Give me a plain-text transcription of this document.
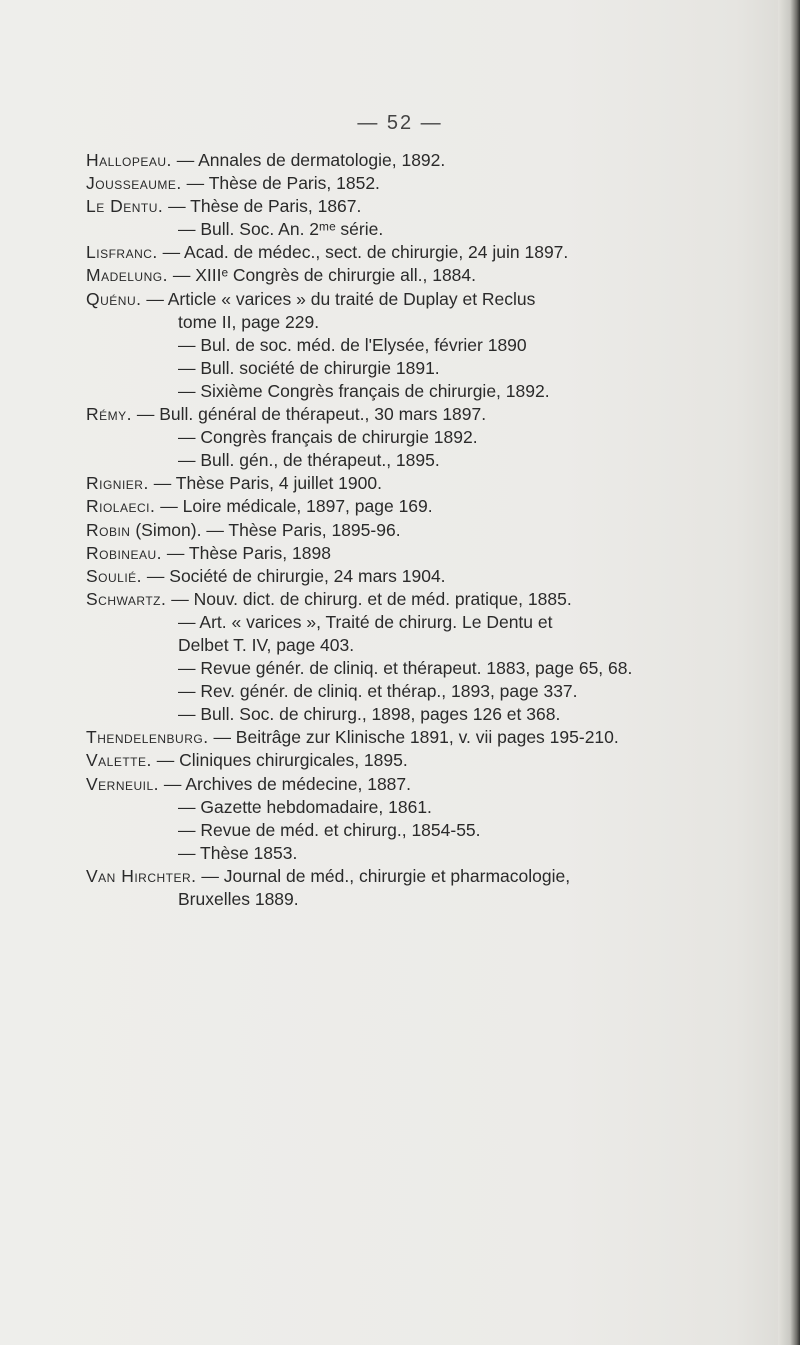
— 52 —
Hallopeau. — Annales de dermatologie, 1892.
Jousseaume. — Thèse de Paris, 1852.
Le Dentu. — Thèse de Paris, 1867.
— Bull. Soc. An. 2ᵐᵉ série.
Lisfranc. — Acad. de médec., sect. de chirurgie, 24 juin 1897.
Madelung. — XIIIᵉ Congrès de chirurgie all., 1884.
Quénu. — Article « varices » du traité de Duplay et Reclus
tome II, page 229.
— Bul. de soc. méd. de l'Elysée, février 1890
— Bull. société de chirurgie 1891.
— Sixième Congrès français de chirurgie, 1892.
Rémy. — Bull. général de thérapeut., 30 mars 1897.
— Congrès français de chirurgie 1892.
— Bull. gén., de thérapeut., 1895.
Rignier. — Thèse Paris, 4 juillet 1900.
Riolaeci. — Loire médicale, 1897, page 169.
Robin (Simon). — Thèse Paris, 1895-96.
Robineau. — Thèse Paris, 1898
Soulié. — Société de chirurgie, 24 mars 1904.
Schwartz. — Nouv. dict. de chirurg. et de méd. pratique, 1885.
— Art. « varices », Traité de chirurg. Le Dentu et
Delbet T. IV, page 403.
— Revue génér. de cliniq. et thérapeut. 1883, page 65, 68.
— Rev. génér. de cliniq. et thérap., 1893, page 337.
— Bull. Soc. de chirurg., 1898, pages 126 et 368.
Thendelenburg. — Beitrâge zur Klinische 1891, v. vii pages 195-210.
Valette. — Cliniques chirurgicales, 1895.
Verneuil. — Archives de médecine, 1887.
— Gazette hebdomadaire, 1861.
— Revue de méd. et chirurg., 1854-55.
— Thèse 1853.
Van Hirchter. — Journal de méd., chirurgie et pharmacologie,
Bruxelles 1889.
